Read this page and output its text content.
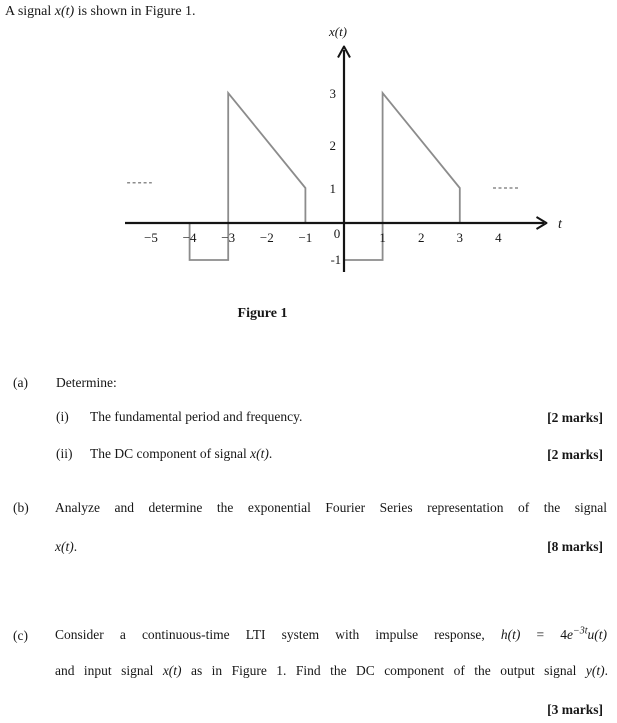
A signal x(t) is shown in Figure 1.
x(t)
t
−5 −4 −3 −2 −1 0	1 2 3 4
3
2
1
-1
Figure 1
(a) Determine:
(i) The fundamental period and frequency.	[2 marks]
(ii) The DC component of signal x(t).	[2 marks]
(b) Analyze and determine the exponential Fourier Series representation of the signal
x(t).	[8 marks]
(c) Consider a continuous-time LTI system with impulse response, $h(t) = 4e^{-3t}u(t)$
and input signal x(t) as in Figure 1. Find the DC component of the output signal y(t).
[3 marks]
